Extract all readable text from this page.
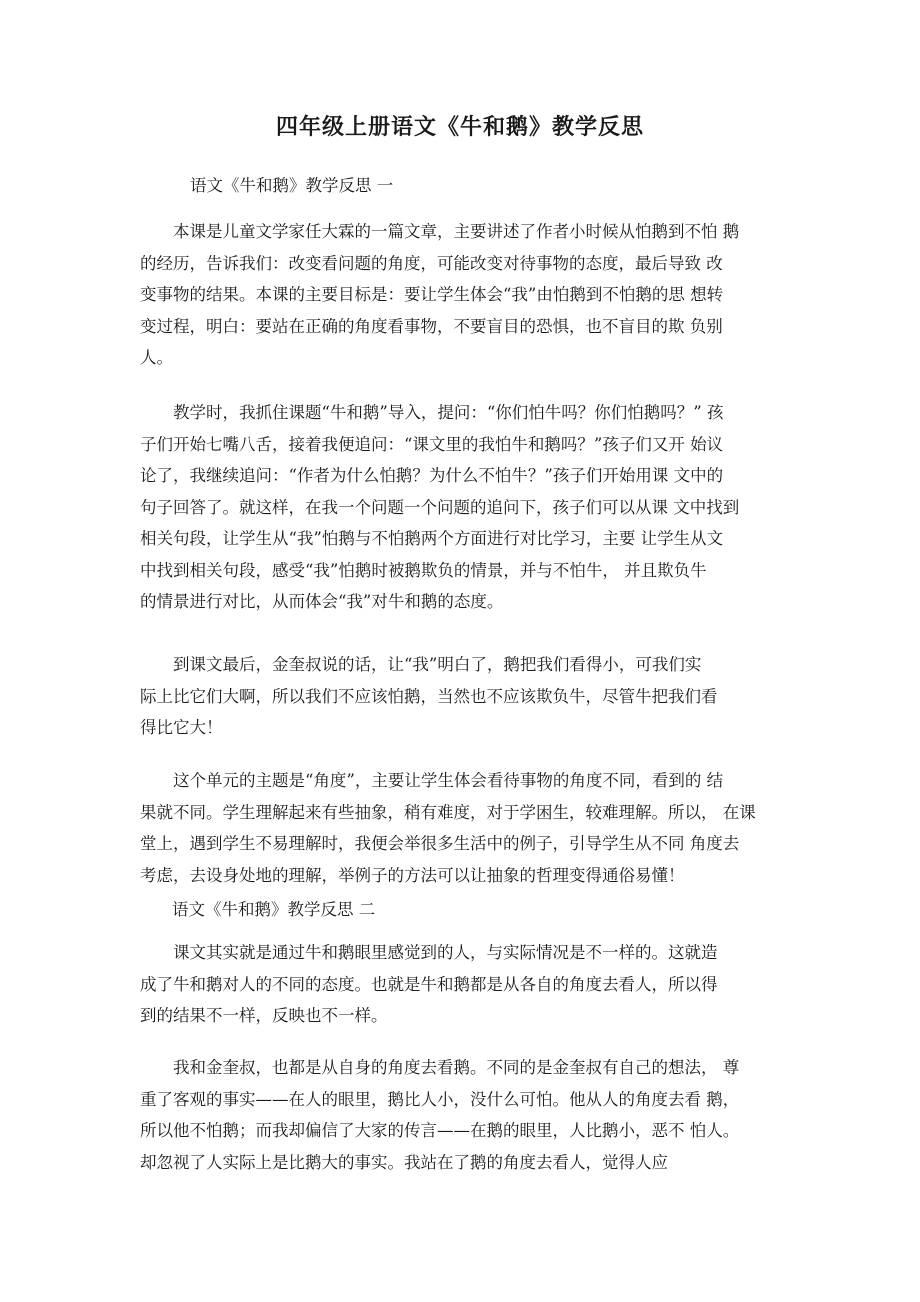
四年级上册语文《牛和鹅》教学反思
语文《牛和鹅》教学反思 一
　　本课是儿童文学家任大霖的一篇文章，主要讲述了作者小时候从怕鹅到不怕 鹅
的经历，告诉我们：改变看问题的角度，可能改变对待事物的态度，最后导致 改
变事物的结果。本课的主要目标是：要让学生体会“我”由怕鹅到不怕鹅的思 想转
变过程，明白：要站在正确的角度看事物，不要盲目的恐惧，也不盲目的欺 负别
人。
　　教学时，我抓住课题“牛和鹅”导入，提问：“你们怕牛吗？你们怕鹅吗？” 孩
子们开始七嘴八舌，接着我便追问：“课文里的我怕牛和鹅吗？”孩子们又开 始议
论了，我继续追问：“作者为什么怕鹅？为什么不怕牛？”孩子们开始用课 文中的
句子回答了。就这样，在我一个问题一个问题的追问下，孩子们可以从课 文中找到
相关句段，让学生从“我”怕鹅与不怕鹅两个方面进行对比学习，主要 让学生从文
中找到相关句段，感受“我”怕鹅时被鹅欺负的情景，并与不怕牛， 并且欺负牛
的情景进行对比，从而体会“我”对牛和鹅的态度。
　　到课文最后，金奎叔说的话，让“我”明白了，鹅把我们看得小，可我们实
际上比它们大啊，所以我们不应该怕鹅，当然也不应该欺负牛，尽管牛把我们看
得比它大！
　　这个单元的主题是“角度”，主要让学生体会看待事物的角度不同，看到的 结
果就不同。学生理解起来有些抽象，稍有难度，对于学困生，较难理解。所以， 在课
堂上，遇到学生不易理解时，我便会举很多生活中的例子，引导学生从不同 角度去
考虑，去设身处地的理解，举例子的方法可以让抽象的哲理变得通俗易懂！
语文《牛和鹅》教学反思 二
　　课文其实就是通过牛和鹅眼里感觉到的人，与实际情况是不一样的。这就造
成了牛和鹅对人的不同的态度。也就是牛和鹅都是从各自的角度去看人，所以得
到的结果不一样，反映也不一样。
　　我和金奎叔，也都是从自身的角度去看鹅。不同的是金奎叔有自己的想法， 尊
重了客观的事实——在人的眼里，鹅比人小，没什么可怕。他从人的角度去看 鹅，
所以他不怕鹅；而我却偏信了大家的传言——在鹅的眼里，人比鹅小，恶不 怕人。
却忽视了人实际上是比鹅大的事实。我站在了鹅的角度去看人，觉得人应
